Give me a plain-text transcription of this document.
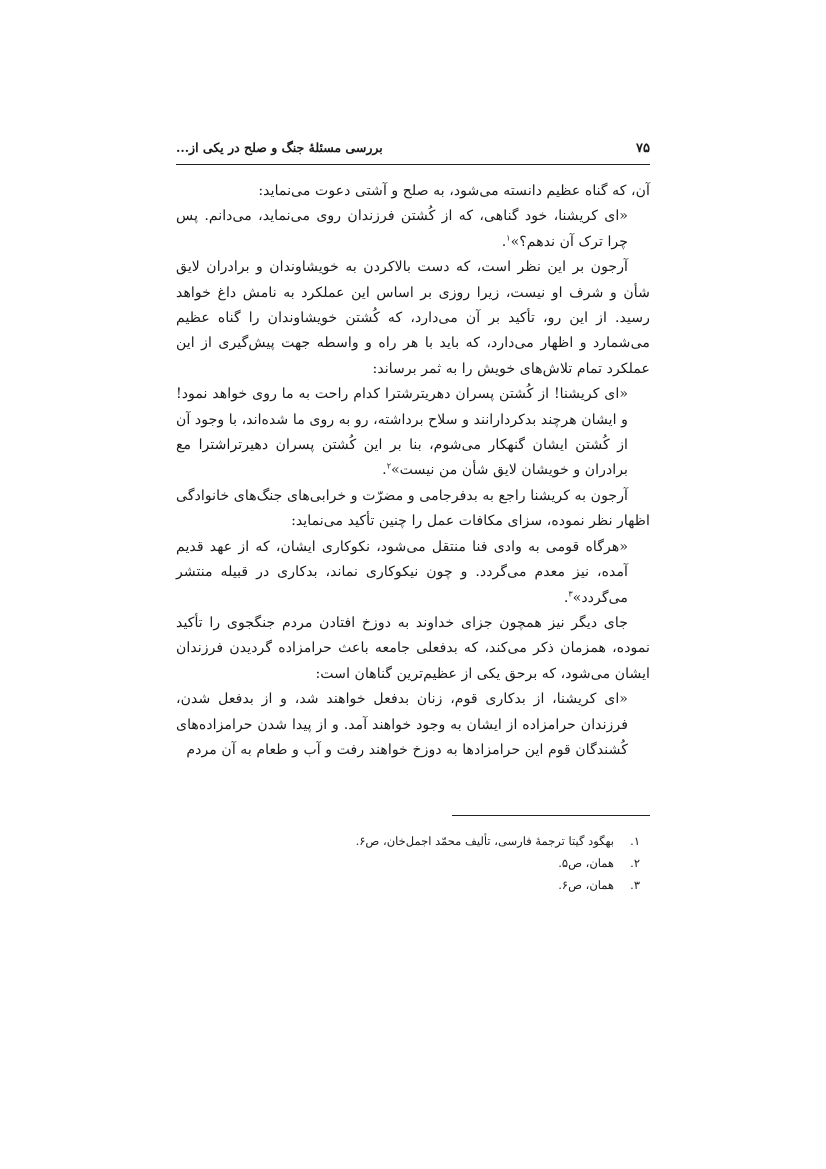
۷۵
بررسی مسئلۀ جنگ و صلح در یکی از...

آن، که گناه عظیم دانسته می‌شود، به صلح و آشتی دعوت می‌نماید:

«ای کریشنا، خود گناهی، که از کُشتن فرزندان روی می‌نماید، می‌دانم. پس چرا ترک آن ندهم؟»$^۱$.

آرجون بر این نظر است، که دست بالاکردن به خویشاوندان و برادران لایق شأن و شرف او نیست، زیرا روزی بر اساس این عملکرد به نامش داغ خواهد رسید. از این رو، تأکید بر آن می‌دارد، که کُشتن خویشاوندان را گناه عظیم می‌شمارد و اظهار می‌دارد، که باید با هر راه و واسطه جهت پیش‌گیری از این عملکرد تمام تلاش‌های خویش را به ثمر برساند:

«ای کریشنا! از کُشتن پسران دهریترشترا کدام راحت به ما روی خواهد نمود! و ایشان هرچند بدکردارانند و سلاح برداشته، رو به روی ما شده‌اند، با وجود آن از کُشتن ایشان گنهکار می‌شوم، بنا بر این کُشتن پسران دهیرتراشترا مع برادران و خویشان لایق شأن من نیست»$^۲$.

آرجون به کریشنا راجع به بدفرجامی و مضرّت و خرابی‌های جنگ‌های خانوادگی اظهار نظر نموده، سزای مکافات عمل را چنین تأکید می‌نماید:

«هرگاه قومی به وادی فنا منتقل می‌شود، نکوکاری ایشان، که از عهد قدیم آمده، نیز معدم می‌گردد. و چون نیکوکاری نماند، بدکاری در قبیله منتشر می‌گردد»$^۳$.

جای دیگر نیز همچون جزای خداوند به دوزخ افتادن مردم جنگجوی را تأکید نموده، همزمان ذکر می‌کند، که بدفعلی جامعه باعث حرامزاده گردیدن فرزندان ایشان می‌شود، که برحق یکی از عظیم‌ترین گناهان است:

«ای کریشنا، از بدکاری قوم، زنان بدفعل خواهند شد، و از بدفعل شدن، فرزندان حرامزاده از ایشان به وجود خواهند آمد. و از پیدا شدن حرامزاده‌های کُشندگان قوم این حرامزادها به دوزخ خواهند رفت و آب و طعام به آن مردم

۱.
بهگود گیتا ترجمۀ فارسی، تألیف محمّد اجمل‌خان، ص۶.
۲.
همان، ص۵.
۳.
همان، ص۶.
